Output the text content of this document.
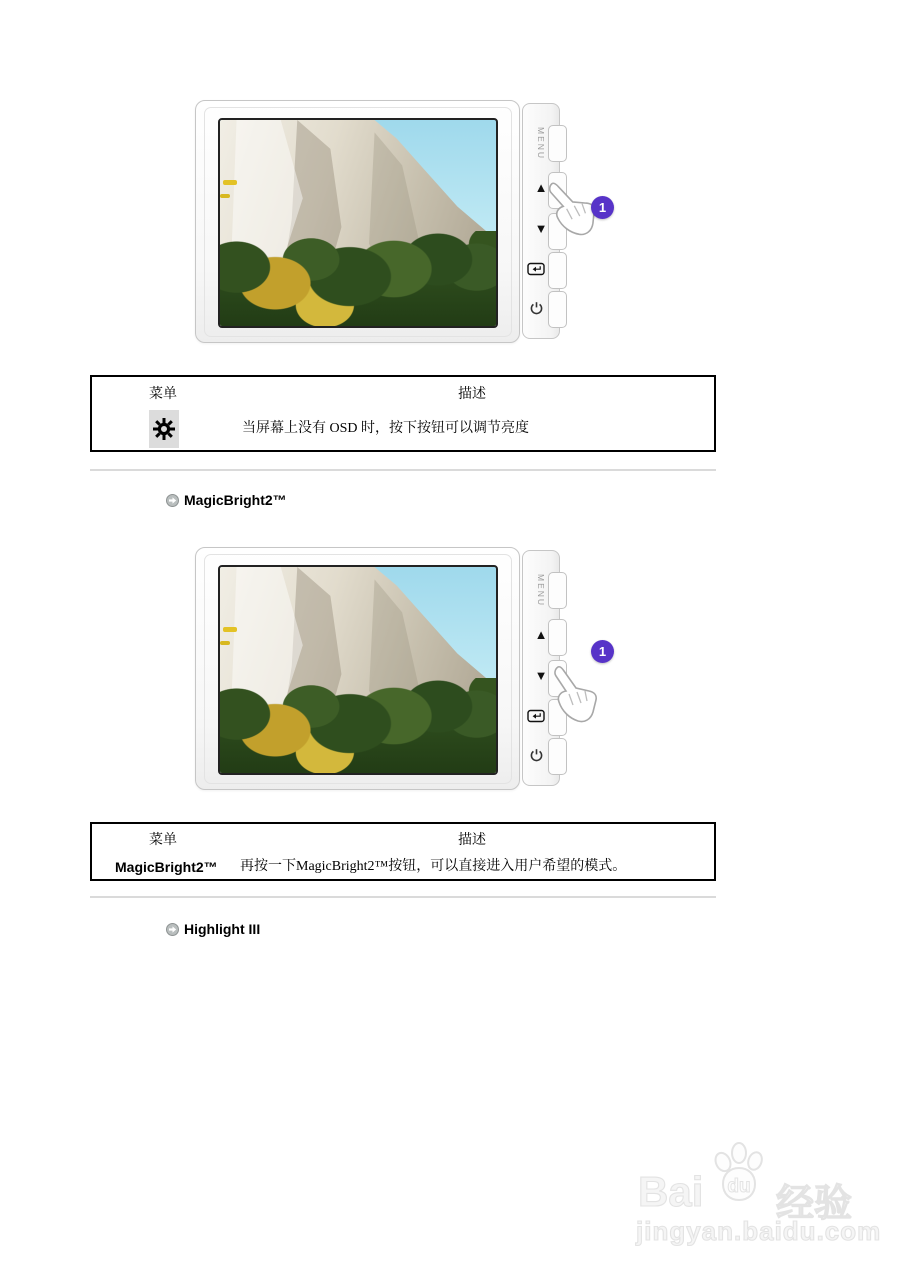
MENU
▲
▼
1
菜单	描述
当屏幕上没有 OSD 时，按下按钮可以调节亮度
MagicBright2™
MENU
▲
▼
1
菜单	描述
MagicBright2™ 再按一下MagicBright2™按钮，可以直接进入用户希望的模式。
Highlight III
Bai du 经验
jingyan.baidu.com
